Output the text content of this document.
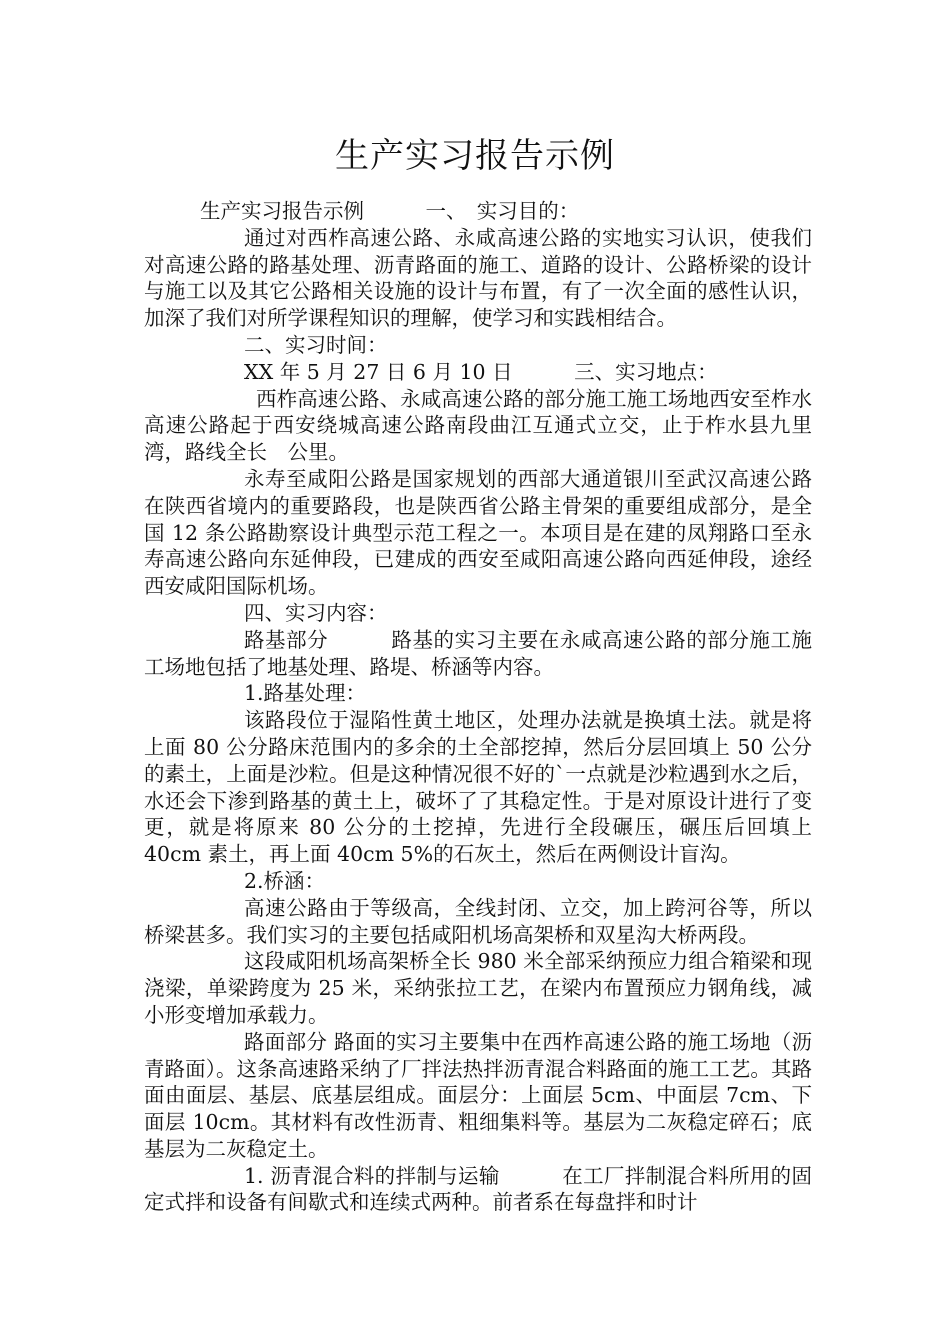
生产实习报告示例

生产实习报告示例　　　一、　实习目的：

通过对西柞高速公路、永咸高速公路的实地实习认识，使我们对高速公路的路基处理、沥青路面的施工、道路的设计、公路桥梁的设计与施工以及其它公路相关设施的设计与布置，有了一次全面的感性认识，加深了我们对所学课程知识的理解，使学习和实践相结合。

二、实习时间：

XX 年 5 月 27 日 6 月 10 日　　　三、实习地点：

西柞高速公路、永咸高速公路的部分施工施工场地西安至柞水高速公路起于西安绕城高速公路南段曲江互通式立交，止于柞水县九里湾，路线全长　公里。

永寿至咸阳公路是国家规划的西部大通道银川至武汉高速公路在陕西省境内的重要路段，也是陕西省公路主骨架的重要组成部分，是全国 12 条公路勘察设计典型示范工程之一。本项目是在建的凤翔路口至永寿高速公路向东延伸段，已建成的西安至咸阳高速公路向西延伸段，途经西安咸阳国际机场。

四、实习内容：

路基部分　　　路基的实习主要在永咸高速公路的部分施工施工场地包括了地基处理、路堤、桥涵等内容。

1.路基处理：

该路段位于湿陷性黄土地区，处理办法就是换填土法。就是将上面 80 公分路床范围内的多余的土全部挖掉，然后分层回填上 50 公分的素土，上面是沙粒。但是这种情况很不好的`一点就是沙粒遇到水之后，水还会下渗到路基的黄土上，破坏了了其稳定性。于是对原设计进行了变更，就是将原来 80 公分的土挖掉，先进行全段碾压，碾压后回填上 40cm 素土，再上面 40cm 5%的石灰土，然后在两侧设计盲沟。

2.桥涵：

高速公路由于等级高，全线封闭、立交，加上跨河谷等，所以桥梁甚多。我们实习的主要包括咸阳机场高架桥和双星沟大桥两段。

这段咸阳机场高架桥全长 980 米全部采纳预应力组合箱梁和现浇梁，单梁跨度为 25 米，采纳张拉工艺，在梁内布置预应力钢角线，减小形变增加承载力。

路面部分 路面的实习主要集中在西柞高速公路的施工场地（沥青路面）。这条高速路采纳了厂拌法热拌沥青混合料路面的施工工艺。其路面由面层、基层、底基层组成。面层分：上面层 5cm、中面层 7cm、下面层 10cm。其材料有改性沥青、粗细集料等。基层为二灰稳定碎石；底基层为二灰稳定土。

1. 沥青混合料的拌制与运输　　　在工厂拌制混合料所用的固定式拌和设备有间歇式和连续式两种。前者系在每盘拌和时计
